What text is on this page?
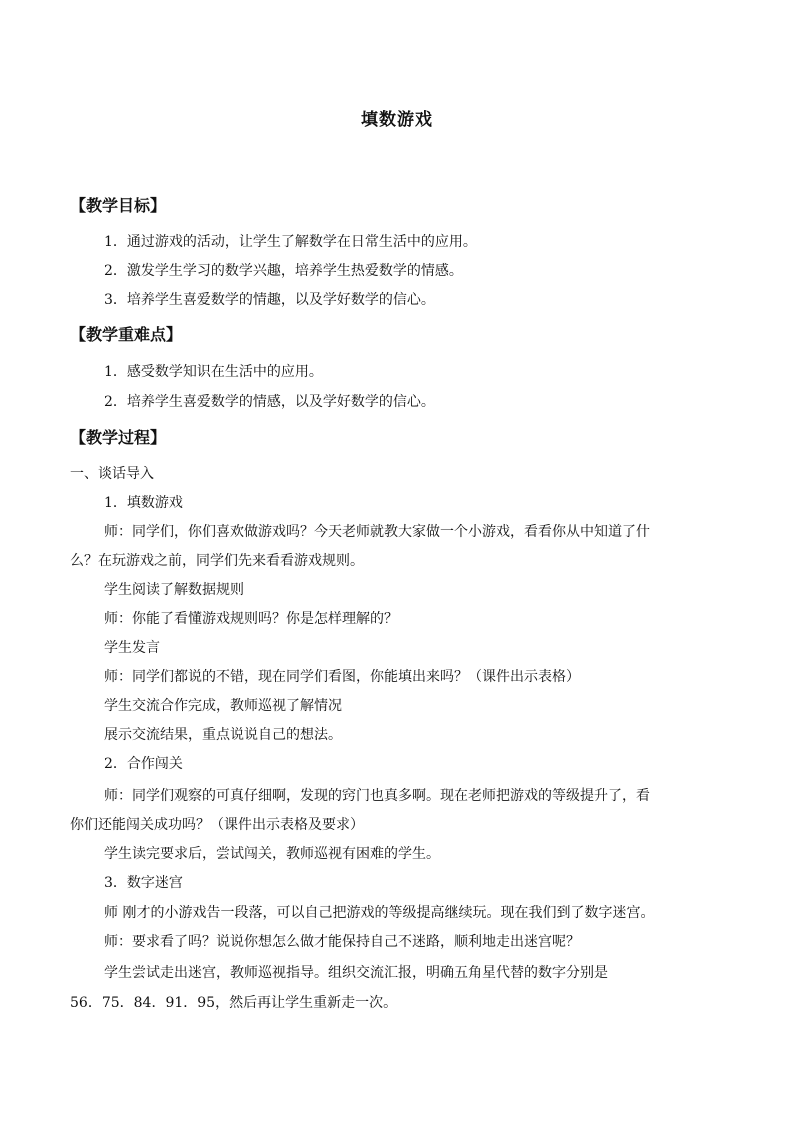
填数游戏
【教学目标】
1．通过游戏的活动，让学生了解数学在日常生活中的应用。
2．激发学生学习的数学兴趣，培养学生热爱数学的情感。
3．培养学生喜爱数学的情趣，以及学好数学的信心。
【教学重难点】
1．感受数学知识在生活中的应用。
2．培养学生喜爱数学的情感，以及学好数学的信心。
【教学过程】
一、谈话导入
1．填数游戏
师：同学们，你们喜欢做游戏吗？今天老师就教大家做一个小游戏，看看你从中知道了什
么？在玩游戏之前，同学们先来看看游戏规则。
学生阅读了解数据规则
师：你能了看懂游戏规则吗？你是怎样理解的？
学生发言
师：同学们都说的不错，现在同学们看图，你能填出来吗？（课件出示表格）
学生交流合作完成，教师巡视了解情况
展示交流结果，重点说说自己的想法。
2．合作闯关
师：同学们观察的可真仔细啊，发现的窍门也真多啊。现在老师把游戏的等级提升了，看
你们还能闯关成功吗？（课件出示表格及要求）
学生读完要求后，尝试闯关，教师巡视有困难的学生。
3．数字迷宫
师 刚才的小游戏告一段落，可以自己把游戏的等级提高继续玩。现在我们到了数字迷宫。
师：要求看了吗？说说你想怎么做才能保持自己不迷路，顺利地走出迷宫呢？
学生尝试走出迷宫，教师巡视指导。组织交流汇报，明确五角星代替的数字分别是
56．75．84．91．95，然后再让学生重新走一次。
